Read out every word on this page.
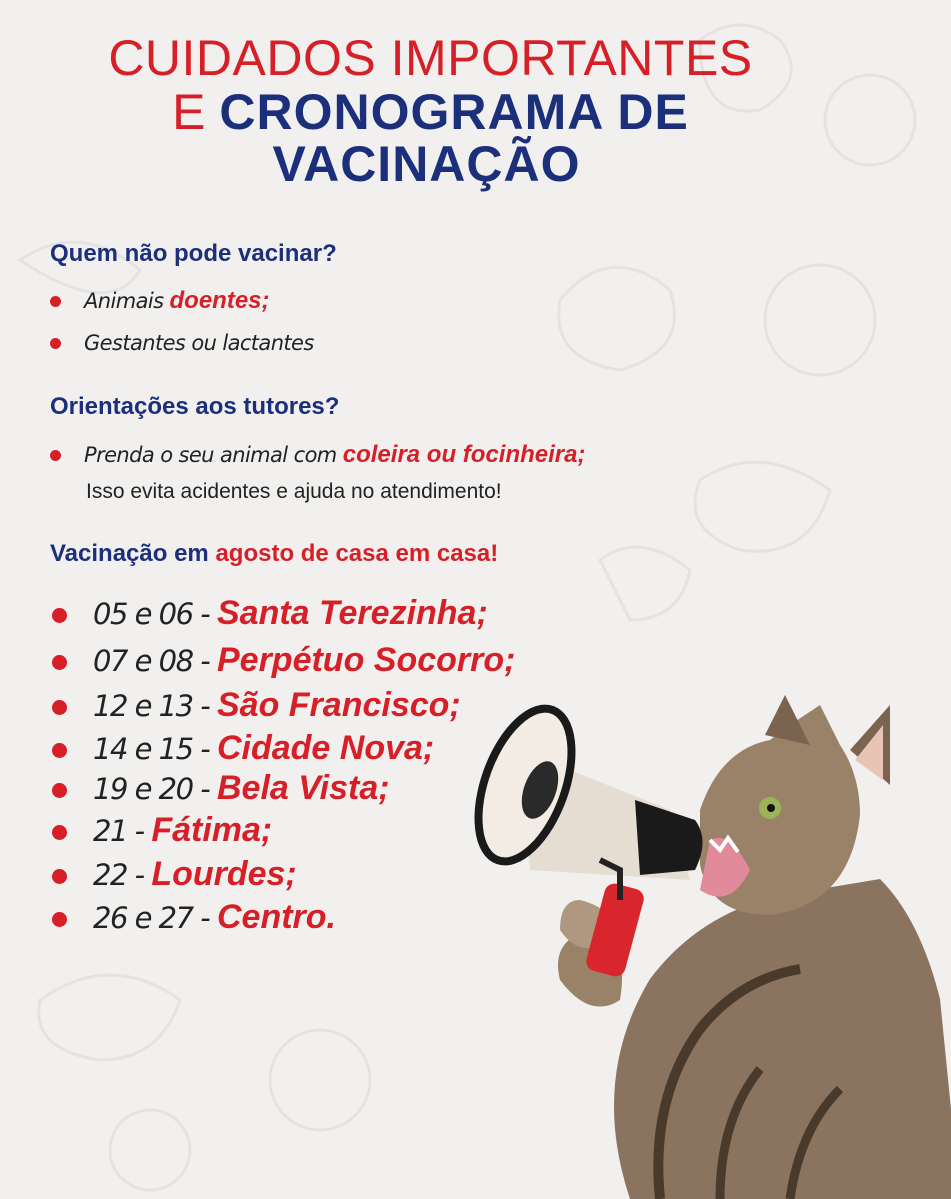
CUIDADOS IMPORTANTES
E CRONOGRAMA DE
VACINAÇÃO
Quem não pode vacinar?
Animais doentes;
Gestantes ou lactantes
Orientações aos tutores?
Prenda o seu animal com coleira ou focinheira;
Isso evita acidentes e ajuda no atendimento!
Vacinação em agosto de casa em casa!
05 e 06 - Santa Terezinha;
07 e 08 - Perpétuo Socorro;
12 e 13 - São Francisco;
14 e 15 - Cidade Nova;
19 e 20 - Bela Vista;
21 - Fátima;
22 - Lourdes;
26 e 27 - Centro.
